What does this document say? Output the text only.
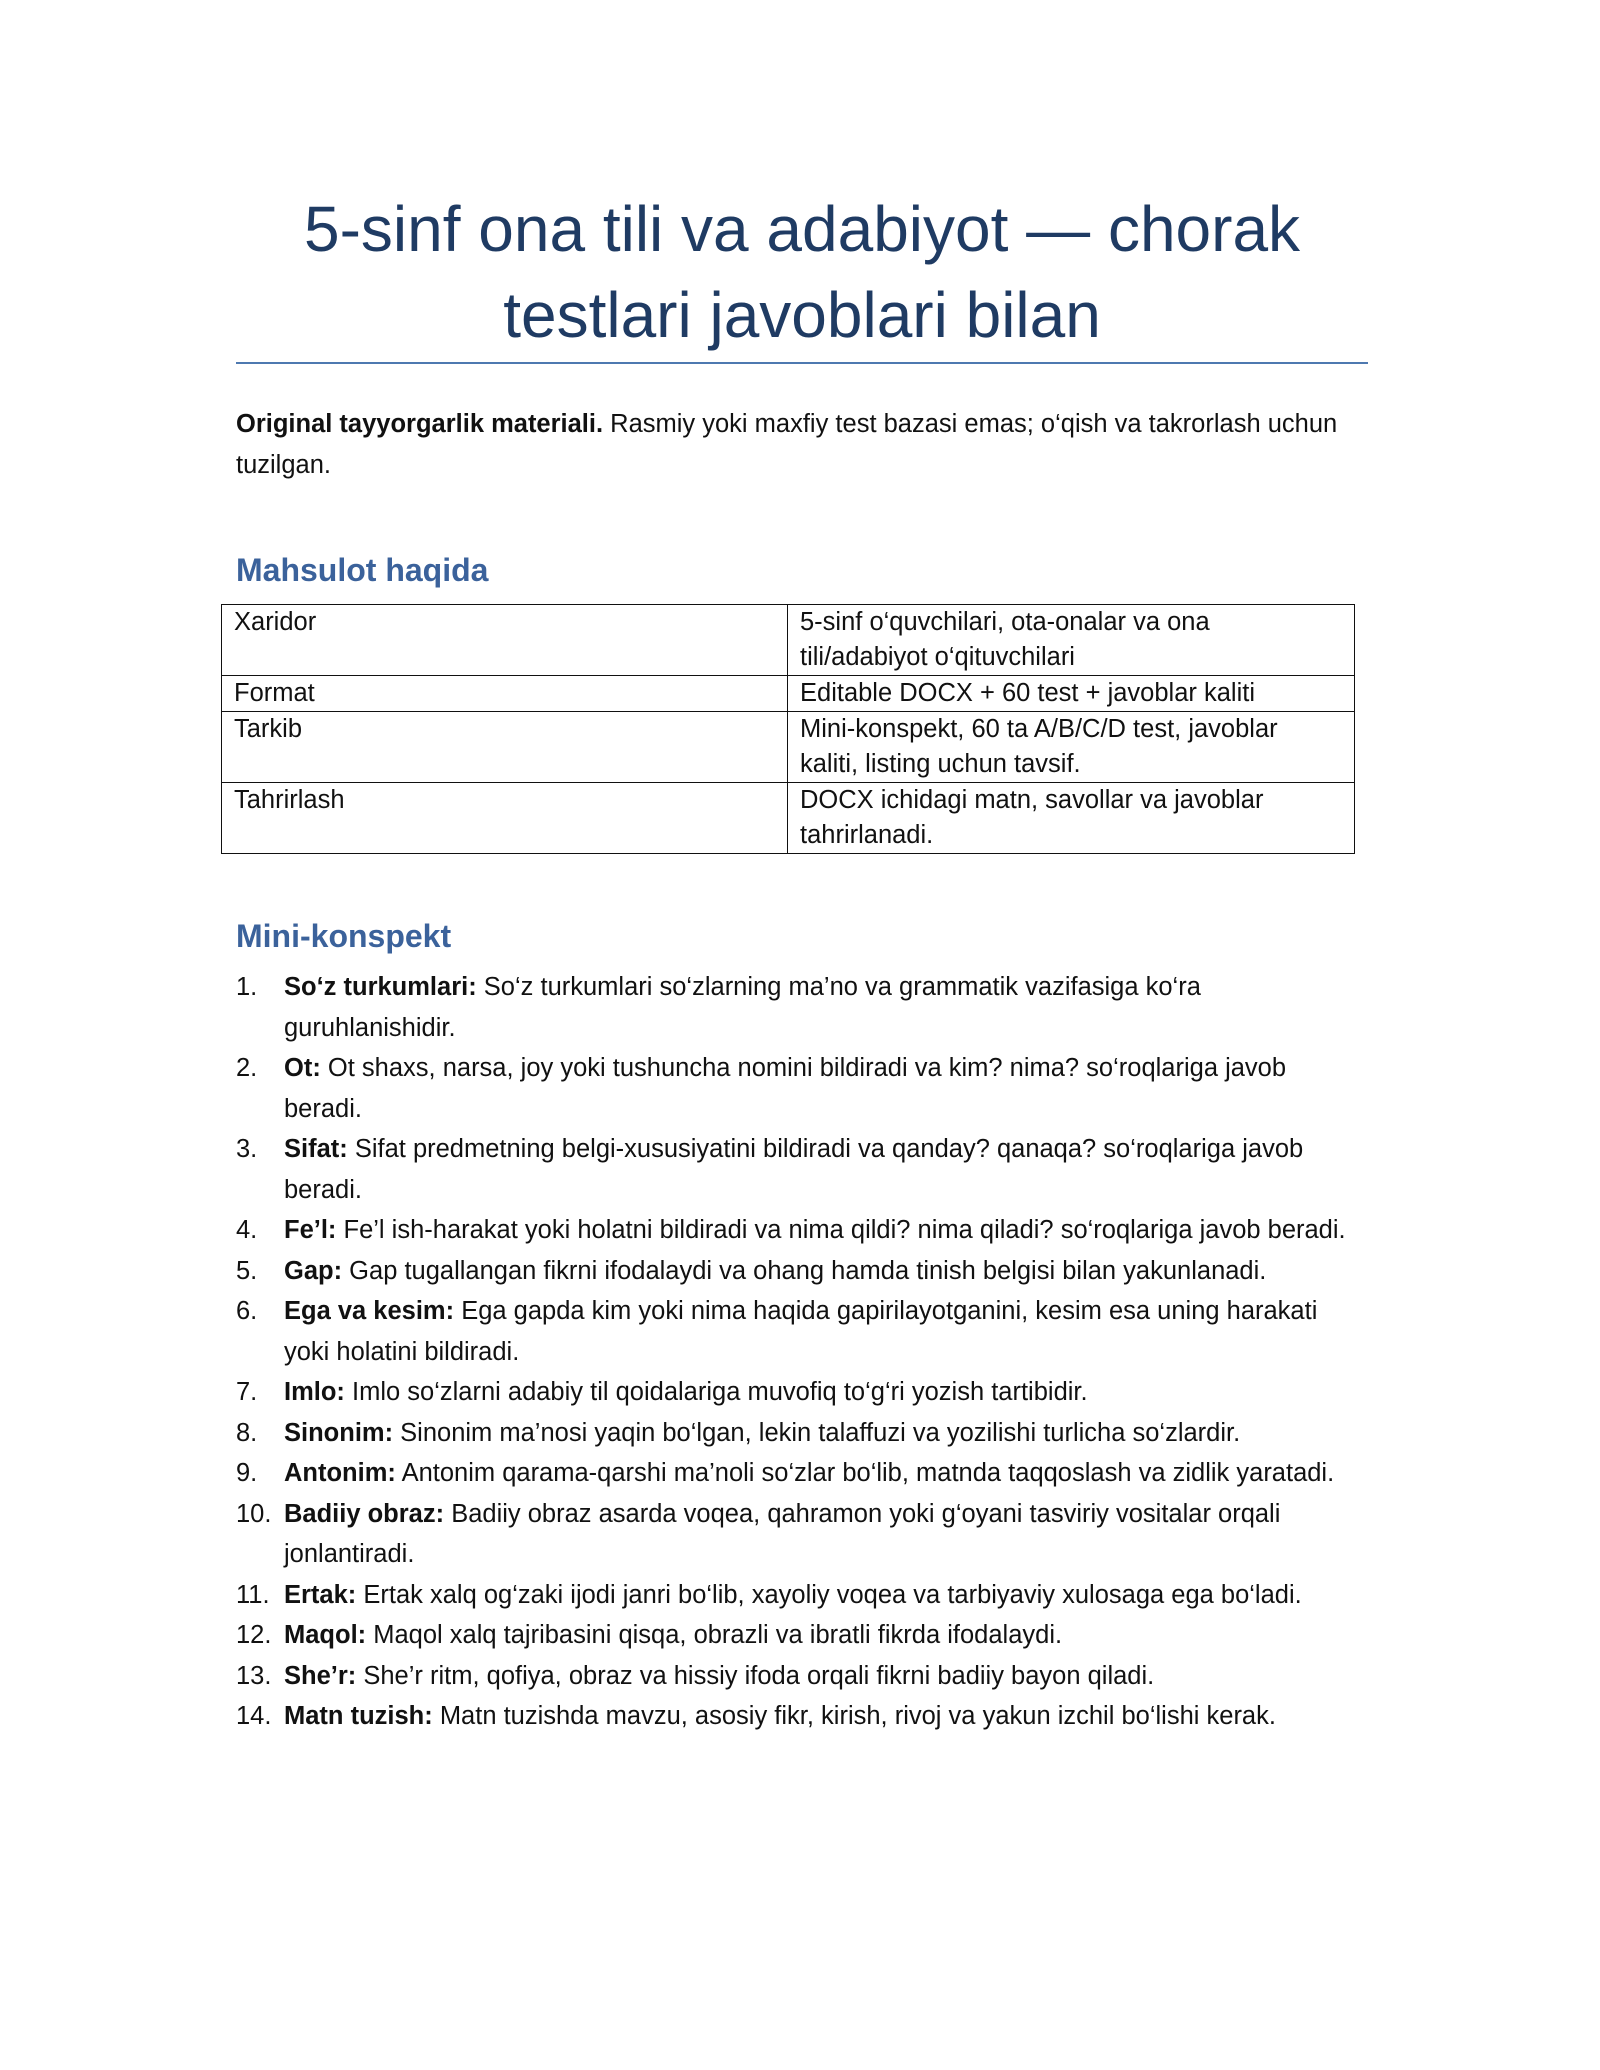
5-sinf ona tili va adabiyot — chorak testlari javoblari bilan

Original tayyorgarlik materiali. Rasmiy yoki maxfiy test bazasi emas; o‘qish va takrorlash uchun tuzilgan.

Mahsulot haqida
Xaridor	5-sinf o‘quvchilari, ota-onalar va ona tili/adabiyot o‘qituvchilari
Format	Editable DOCX + 60 test + javoblar kaliti
Tarkib	Mini-konspekt, 60 ta A/B/C/D test, javoblar kaliti, listing uchun tavsif.
Tahrirlash	DOCX ichidagi matn, savollar va javoblar tahrirlanadi.
Mini-konspekt
1. So‘z turkumlari: So‘z turkumlari so‘zlarning ma’no va grammatik vazifasiga ko‘ra guruhlanishidir.
2. Ot: Ot shaxs, narsa, joy yoki tushuncha nomini bildiradi va kim? nima? so‘roqlariga javob beradi.
3. Sifat: Sifat predmetning belgi-xususiyatini bildiradi va qanday? qanaqa? so‘roqlariga javob beradi.
4. Fe’l: Fe’l ish-harakat yoki holatni bildiradi va nima qildi? nima qiladi? so‘roqlariga javob beradi.
5. Gap: Gap tugallangan fikrni ifodalaydi va ohang hamda tinish belgisi bilan yakunlanadi.
6. Ega va kesim: Ega gapda kim yoki nima haqida gapirilayotganini, kesim esa uning harakati yoki holatini bildiradi.
7. Imlo: Imlo so‘zlarni adabiy til qoidalariga muvofiq to‘g‘ri yozish tartibidir.
8. Sinonim: Sinonim ma’nosi yaqin bo‘lgan, lekin talaffuzi va yozilishi turlicha so‘zlardir.
9. Antonim: Antonim qarama-qarshi ma’noli so‘zlar bo‘lib, matnda taqqoslash va zidlik yaratadi.
10. Badiiy obraz: Badiiy obraz asarda voqea, qahramon yoki g‘oyani tasviriy vositalar orqali jonlantiradi.
11. Ertak: Ertak xalq og‘zaki ijodi janri bo‘lib, xayoliy voqea va tarbiyaviy xulosaga ega bo‘ladi.
12. Maqol: Maqol xalq tajribasini qisqa, obrazli va ibratli fikrda ifodalaydi.
13. She’r: She’r ritm, qofiya, obraz va hissiy ifoda orqali fikrni badiiy bayon qiladi.
14. Matn tuzish: Matn tuzishda mavzu, asosiy fikr, kirish, rivoj va yakun izchil bo‘lishi kerak.
